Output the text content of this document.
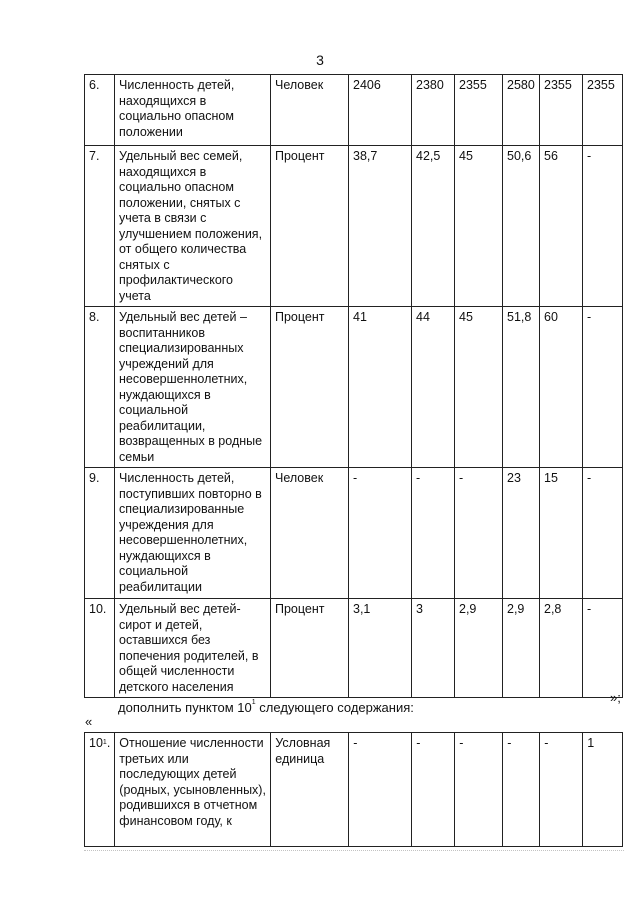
3
6.	Численность детей, находящихся в социально опасном положении	Человек	2406	2380	2355	2580	2355	2355
7.	Удельный вес семей, находящихся в социально опасном положении, снятых с учета в связи с улучшением положения, от общего количества снятых с профилактического учета	Процент	38,7	42,5	45	50,6	56	-
8.	Удельный вес детей – воспитанников специализированных учреждений для несовершеннолетних, нуждающихся в социальной реабилитации, возвращенных в родные семьи	Процент	41	44	45	51,8	60	-
9.	Численность детей, поступивших повторно в специализированные учреждения для несовершеннолетних, нуждающихся в социальной реабилитации	Человек	-	-	-	23	15	-
10.	Удельный вес детей-сирот и детей, оставшихся без попечения родителей, в общей численности детского населения	Процент	3,1	3	2,9	2,9	2,8	-
»;
дополнить пунктом $10^1$ следующего содержания:
«
$10^1$.	Отношение численности третьих или последующих детей (родных, усыновленных), родившихся в отчетном финансовом году, к	Условная единица	-	-	-	-	-	1
